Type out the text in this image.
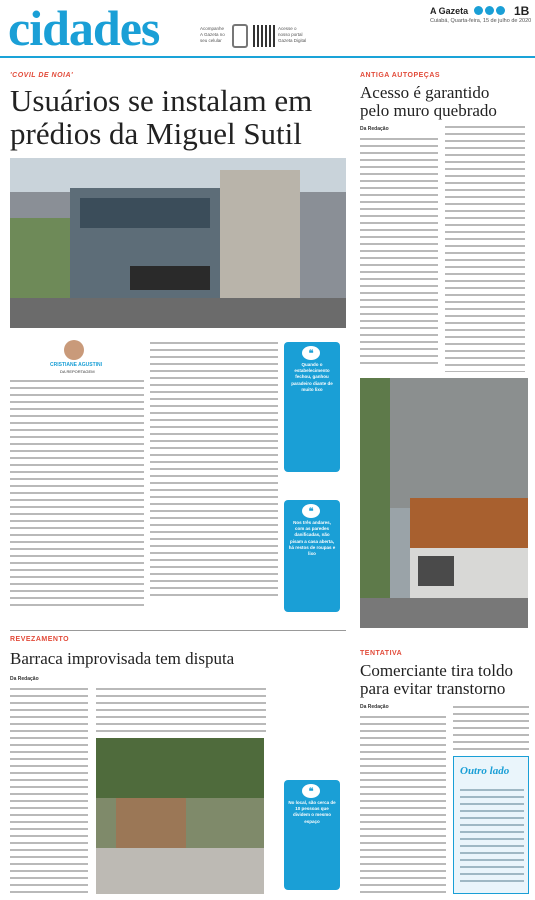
cidades	Acompanhe
A Gazeta no
seu celular
Acesse o
nosso portal
Gazeta Digital
A Gazeta	1B
Cuiabá, Quarta-feira, 15 de julho de 2020
'COVIL DE NOIA'
Usuários se instalam em
prédios da Miguel Sutil
CRISTIANE AGUSTINI
DA REPORTAGEM
❝
Quando o estabelecimento fechou, ganhou paradeiro diante de muito lixo
❝
Nos três andares, com as paredes danificadas, não pisam a casa aberta, há restos de roupas e lixo
ANTIGA AUTOPEÇAS
Acesso é garantido
pelo muro quebrado
Da Redação
REVEZAMENTO
Barraca improvisada tem disputa
Da Redação
❝
No local, são cerca de 10 pessoas que dividem o mesmo espaço
TENTATIVA
Comerciante tira toldo
para evitar transtorno
Da Redação
Outro lado
